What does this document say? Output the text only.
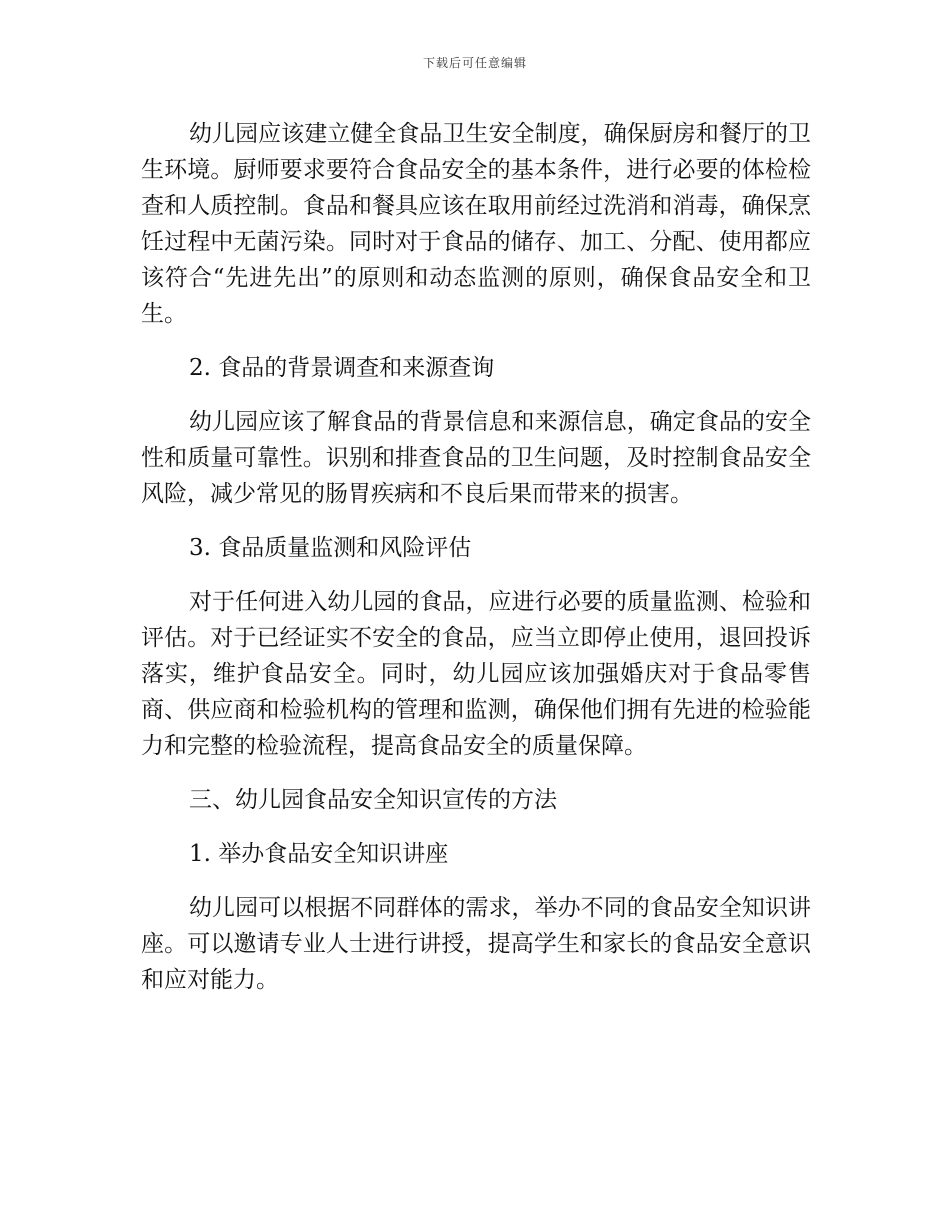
下载后可任意编辑

幼儿园应该建立健全食品卫生安全制度，确保厨房和餐厅的卫生环境。厨师要求要符合食品安全的基本条件，进行必要的体检检查和人质控制。食品和餐具应该在取用前经过洗消和消毒，确保烹饪过程中无菌污染。同时对于食品的储存、加工、分配、使用都应该符合“先进先出”的原则和动态监测的原则，确保食品安全和卫生。

2. 食品的背景调查和来源查询

幼儿园应该了解食品的背景信息和来源信息，确定食品的安全性和质量可靠性。识别和排查食品的卫生问题，及时控制食品安全风险，减少常见的肠胃疾病和不良后果而带来的损害。

3. 食品质量监测和风险评估

对于任何进入幼儿园的食品，应进行必要的质量监测、检验和评估。对于已经证实不安全的食品，应当立即停止使用，退回投诉落实，维护食品安全。同时，幼儿园应该加强婚庆对于食品零售商、供应商和检验机构的管理和监测，确保他们拥有先进的检验能力和完整的检验流程，提高食品安全的质量保障。

三、幼儿园食品安全知识宣传的方法
1. 举办食品安全知识讲座

幼儿园可以根据不同群体的需求，举办不同的食品安全知识讲座。可以邀请专业人士进行讲授，提高学生和家长的食品安全意识和应对能力。
